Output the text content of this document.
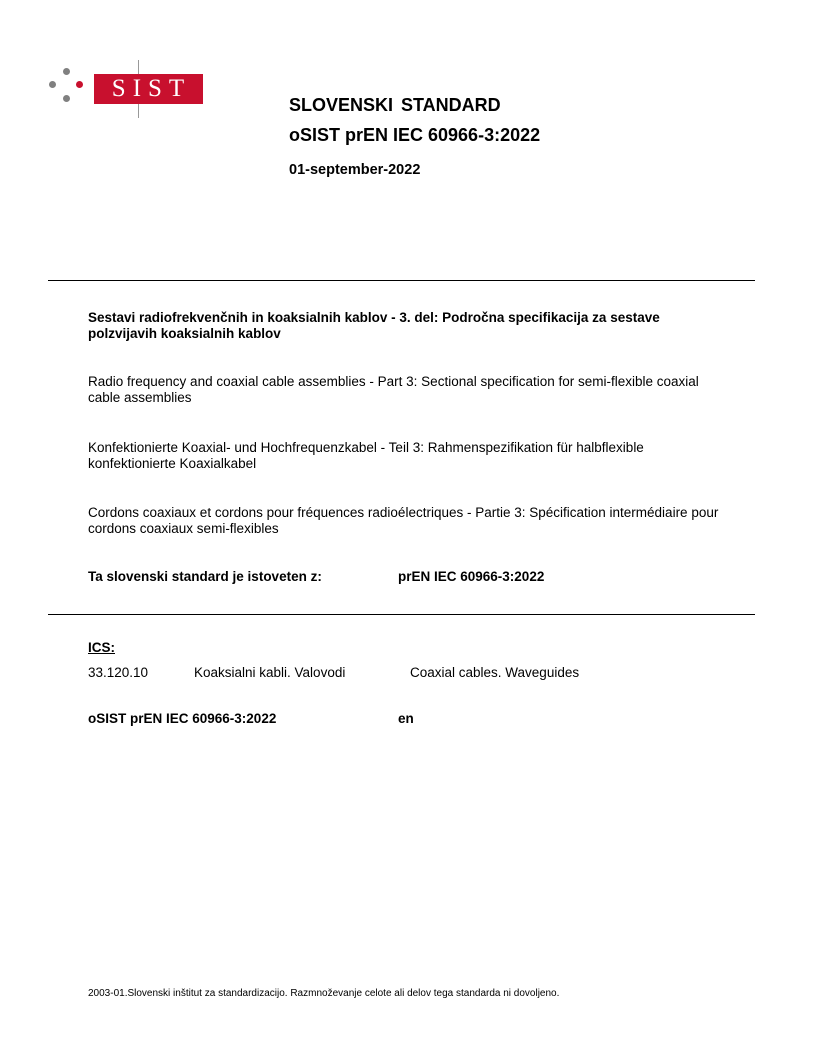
SIST
SLOVENSKI STANDARD
oSIST prEN IEC 60966-3:2022
01-september-2022
Sestavi radiofrekvenčnih in koaksialnih kablov - 3. del: Področna specifikacija za sestave polzvijavih koaksialnih kablov
Radio frequency and coaxial cable assemblies - Part 3: Sectional specification for semi-flexible coaxial cable assemblies
Konfektionierte Koaxial- und Hochfrequenzkabel - Teil 3: Rahmenspezifikation für halbflexible konfektionierte Koaxialkabel
Cordons coaxiaux et cordons pour fréquences radioélectriques - Partie 3: Spécification intermédiaire pour cordons coaxiaux semi-flexibles
Ta slovenski standard je istoveten z:	prEN IEC 60966-3:2022
ICS:
33.120.10	Koaksialni kabli. Valovodi	Coaxial cables. Waveguides
oSIST prEN IEC 60966-3:2022	en
2003-01.Slovenski inštitut za standardizacijo. Razmnoževanje celote ali delov tega standarda ni dovoljeno.
